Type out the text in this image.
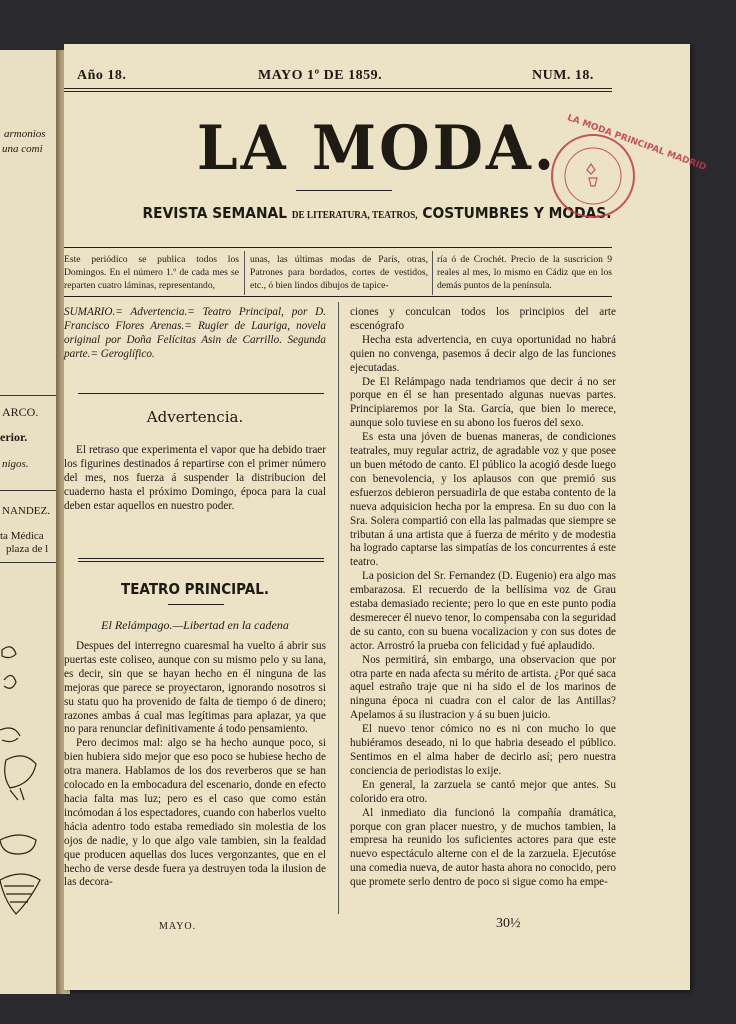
armonios
una comi
ARCO.
erior.
nigos.
NANDEZ.
ta Médica
plaza de l
Año 18.	MAYO 1º DE 1859.	NUM. 18.
LA MODA.
REVISTA SEMANAL DE LITERATURA, TEATROS, COSTUMBRES Y MODAS.
LA MODA PRINCIPAL MADRID
Este periódico se publica todos los Domingos. En el número 1.º de cada mes se reparten cuatro láminas, representando,
unas, las últimas modas de París, otras, Patrones para bordados, cortes de vestidos, etc., ó bien lindos dibujos de tapice-
ría ó de Crochét. Precio de la suscricion 9 reales al mes, lo mismo en Cádiz que en los demás puntos de la península.
SUMARIO.= Advertencia.= Teatro Principal, por D. Francisco Flores Arenas.= Rugier de Lauriga, novela original por Doña Felícitas Asin de Carrillo. Segunda parte.= Geroglífico.
Advertencia.

El retraso que experimenta el vapor que ha debido traer los figurines destinados á repartirse con el primer número del mes, nos fuerza á suspender la distribucion del cuaderno hasta el próximo Domingo, época para la cual deben estar aquellos en nuestro poder.

TEATRO PRINCIPAL.
El Relámpago.—Libertad en la cadena

Despues del interregno cuaresmal ha vuelto á abrir sus puertas este coliseo, aunque con su mismo pelo y su lana, es decir, sin que se hayan hecho en él ninguna de las mejoras que parece se proyectaron, ignorando nosotros si su statu quo ha provenido de falta de tiempo ó de dinero; razones ambas á cual mas legítimas para aplazar, ya que no para renunciar definitivamente á todo pensamiento.

Pero decimos mal: algo se ha hecho aunque poco, si bien hubiera sido mejor que eso poco se hubiese hecho de otra manera. Hablamos de los dos reverberos que se han colocado en la embocadura del escenario, donde en efecto hacia falta mas luz; pero es el caso que como están incómodan á los espectadores, cuando con haberlos vuelto hácia adentro todo estaba remediado sin molestia de los ojos de nadie, y lo que algo vale tambien, sin la fealdad que producen aquellas dos luces vergonzantes, que en el hecho de verse desde fuera ya destruyen toda la ilusion de las decora-

ciones y conculcan todos los principios del arte escenógrafo

Hecha esta advertencia, en cuya oportunidad no habrá quien no convenga, pasemos á decir algo de las funciones ejecutadas.

De El Relámpago nada tendriamos que decir á no ser porque en él se han presentado algunas nuevas partes. Principiaremos por la Sta. García, que bien lo merece, aunque solo tuviese en su abono los fueros del sexo.

Es esta una jóven de buenas maneras, de condiciones teatrales, muy regular actriz, de agradable voz y que posee un buen método de canto. El público la acogió desde luego con benevolencia, y los aplausos con que premió sus esfuerzos debieron persuadirla de que estaba contento de la nueva adquisicion hecha por la empresa. En su duo con la Sra. Solera compartió con ella las palmadas que siempre se tributan á una artista que á fuerza de mérito y de modestia ha logrado captarse las simpatías de los concurrentes á este teatro.

La posicion del Sr. Fernandez (D. Eugenio) era algo mas embarazosa. El recuerdo de la bellísima voz de Grau estaba demasiado reciente; pero lo que en este punto podia desmerecer él nuevo tenor, lo compensaba con la seguridad de su canto, con su buena vocalizacion y con sus dotes de actor. Arrostró la prueba con felicidad y fué aplaudido.

Nos permitirá, sin embargo, una observacion que por otra parte en nada afecta su mérito de artista. ¿Por qué saca aquel estraño traje que ni ha sido el de los marinos de ninguna época ni cuadra con el calor de las Antillas? Apelamos á su ilustracion y á su buen juicio.

El nuevo tenor cómico no es ni con mucho lo que hubiéramos deseado, ni lo que habria deseado el público. Sentimos en el alma haber de decirlo así; pero nuestra conciencia de periodistas lo exije.

En general, la zarzuela se cantó mejor que antes. Su colorido era otro.

Al inmediato dia funcionó la compañía dramática, porque con gran placer nuestro, y de muchos tambien, la empresa ha reunido los suficientes actores para que este nuevo espectáculo alterne con el de la zarzuela. Ejecutóse una comedia nueva, de autor hasta ahora no conocido, pero que promete serlo dentro de poco si sigue como ha empe-

MAYO.	30½
